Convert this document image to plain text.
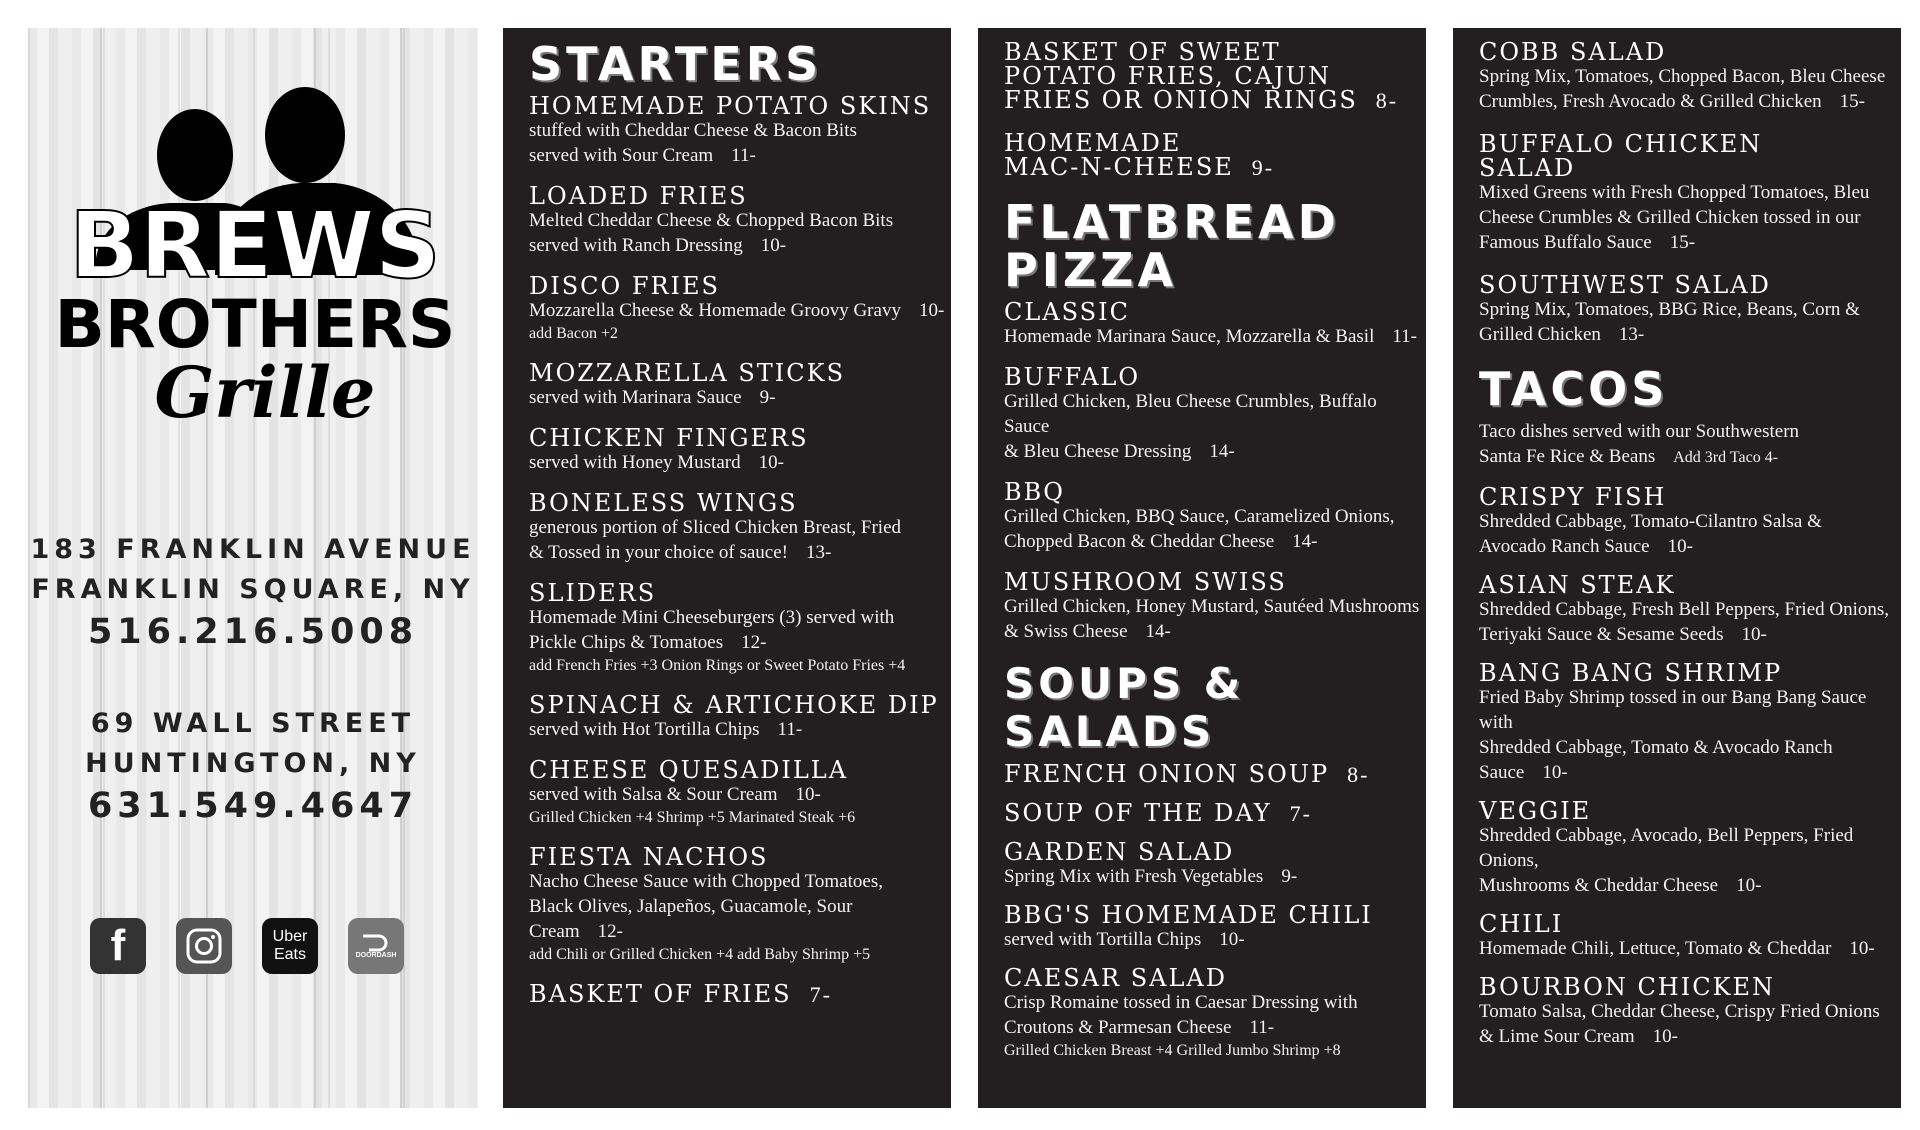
BREWS
BROTHERS
Grille
183 FRANKLIN AVENUE
FRANKLIN SQUARE, NY
516.216.5008
69 WALL STREET
HUNTINGTON, NY
631.549.4647
f	Uber
Eats	DOORDASH
STARTERS
HOMEMADE POTATO SKINS
stuffed with Cheddar Cheese & Bacon Bits
served with Sour Cream 11-
LOADED FRIES
Melted Cheddar Cheese & Chopped Bacon Bits
served with Ranch Dressing 10-
DISCO FRIES
Mozzarella Cheese & Homemade Groovy Gravy 10-
add Bacon +2
MOZZARELLA STICKS
served with Marinara Sauce 9-
CHICKEN FINGERS
served with Honey Mustard 10-
BONELESS WINGS
generous portion of Sliced Chicken Breast, Fried
& Tossed in your choice of sauce! 13-
SLIDERS
Homemade Mini Cheeseburgers (3) served with
Pickle Chips & Tomatoes 12-
add French Fries +3 Onion Rings or Sweet Potato Fries +4
SPINACH & ARTICHOKE DIP
served with Hot Tortilla Chips 11-
CHEESE QUESADILLA
served with Salsa & Sour Cream 10-
Grilled Chicken +4 Shrimp +5 Marinated Steak +6
FIESTA NACHOS
Nacho Cheese Sauce with Chopped Tomatoes,
Black Olives, Jalapeños, Guacamole, Sour Cream 12-
add Chili or Grilled Chicken +4 add Baby Shrimp +5
BASKET OF FRIES 7-
BASKET OF SWEET
POTATO FRIES, CAJUN
FRIES OR ONION RINGS 8-
HOMEMADE
MAC-N-CHEESE 9-
FLATBREAD
PIZZA
CLASSIC
Homemade Marinara Sauce, Mozzarella & Basil 11-
BUFFALO
Grilled Chicken, Bleu Cheese Crumbles, Buffalo Sauce
& Bleu Cheese Dressing 14-
BBQ
Grilled Chicken, BBQ Sauce, Caramelized Onions,
Chopped Bacon & Cheddar Cheese 14-
MUSHROOM SWISS
Grilled Chicken, Honey Mustard, Sautéed Mushrooms
& Swiss Cheese 14-
SOUPS & SALADS
FRENCH ONION SOUP 8-
SOUP OF THE DAY 7-
GARDEN SALAD
Spring Mix with Fresh Vegetables 9-
BBG'S HOMEMADE CHILI
served with Tortilla Chips 10-
CAESAR SALAD
Crisp Romaine tossed in Caesar Dressing with
Croutons & Parmesan Cheese 11-
Grilled Chicken Breast +4 Grilled Jumbo Shrimp +8
COBB SALAD
Spring Mix, Tomatoes, Chopped Bacon, Bleu Cheese
Crumbles, Fresh Avocado & Grilled Chicken 15-
BUFFALO CHICKEN
SALAD
Mixed Greens with Fresh Chopped Tomatoes, Bleu
Cheese Crumbles & Grilled Chicken tossed in our
Famous Buffalo Sauce 15-
SOUTHWEST SALAD
Spring Mix, Tomatoes, BBG Rice, Beans, Corn &
Grilled Chicken 13-
TACOS
Taco dishes served with our Southwestern
Santa Fe Rice & Beans Add 3rd Taco 4-
CRISPY FISH
Shredded Cabbage, Tomato-Cilantro Salsa &
Avocado Ranch Sauce 10-
ASIAN STEAK
Shredded Cabbage, Fresh Bell Peppers, Fried Onions,
Teriyaki Sauce & Sesame Seeds 10-
BANG BANG SHRIMP
Fried Baby Shrimp tossed in our Bang Bang Sauce with
Shredded Cabbage, Tomato & Avocado Ranch Sauce 10-
VEGGIE
Shredded Cabbage, Avocado, Bell Peppers, Fried Onions,
Mushrooms & Cheddar Cheese 10-
CHILI
Homemade Chili, Lettuce, Tomato & Cheddar 10-
BOURBON CHICKEN
Tomato Salsa, Cheddar Cheese, Crispy Fried Onions
& Lime Sour Cream 10-
